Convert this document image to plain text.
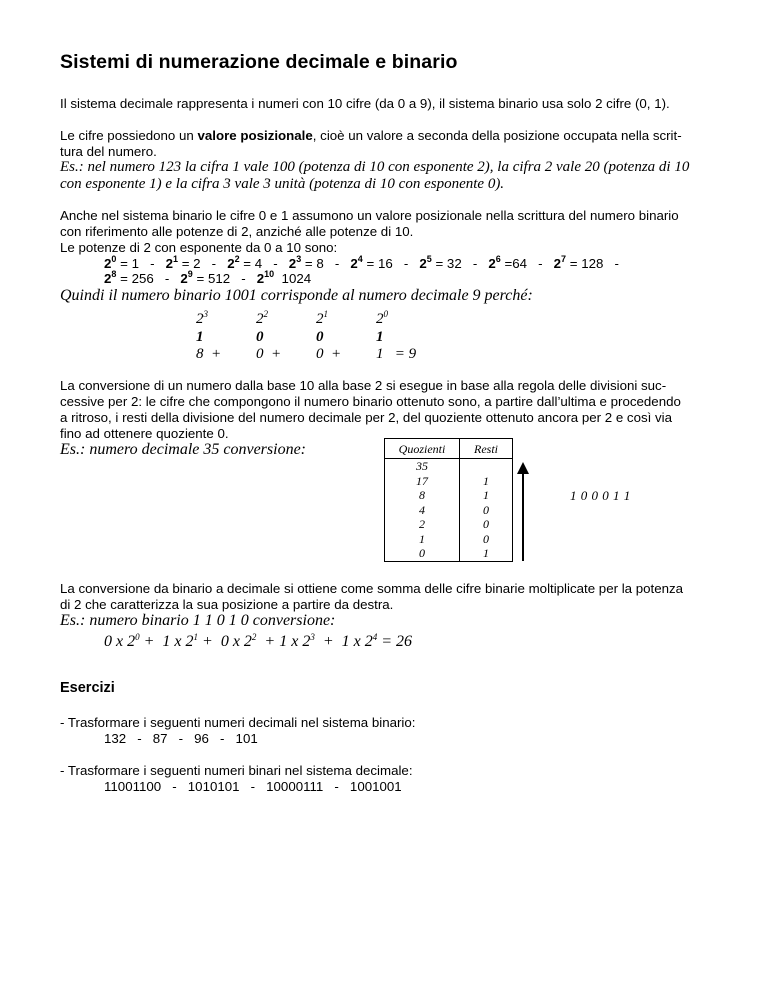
Sistemi di numerazione decimale e binario

Il sistema decimale rappresenta i numeri con 10 cifre (da 0 a 9), il sistema binario usa solo 2 cifre (0, 1).

Le cifre possiedono un valore posizionale, cioè un valore a seconda della posizione occupata nella scrit-

tura del numero.

Es.: nel numero 123 la cifra 1 vale 100 (potenza di 10 con esponente 2), la cifra 2 vale 20 (potenza di 10

con esponente 1) e la cifra 3 vale 3 unità (potenza di 10 con esponente 0).

Anche nel sistema binario le cifre 0 e 1 assumono un valore posizionale nella scrittura del numero binario

con riferimento alle potenze di 2, anziché alle potenze di 10.

Le potenze di 2 con esponente da 0 a 10 sono:

$2^0 = 1 - 2^1 = 2 - 2^2 = 4 - 2^3 = 8 - 2^4 = 16 - 2^5 = 32 - 2^6 =64 - 2^7 = 128$   -
$2^8 = 256 - 2^9 = 512 - 2^{10}$  1024

Quindi il numero binario 1001 corrisponde al numero decimale 9 perché:

$2^3$	$2^2$	$2^1$	$2^0$
1	0	0	1
8  + 0  + 0  + 1   = 9

La conversione di un numero dalla base 10 alla base 2 si esegue in base alla regola delle divisioni suc-

cessive per 2: le cifre che compongono il numero binario ottenuto sono, a partire dall’ultima e procedendo

a ritroso, i resti della divisione del numero decimale per 2, del quoziente ottenuto ancora per 2 e così via

fino ad ottenere quoziente 0.

Es.: numero decimale 35 conversione:	Quozienti	Resti
35	
17	1
8	1
4	0
2	0
1	0
0	1
1 0 0 0 1 1

La conversione da binario a decimale si ottiene come somma delle cifre binarie moltiplicate per la potenza

di 2 che caratterizza la sua posizione a partire da destra.

Es.: numero binario 1 1 0 1 0 conversione:

0 x $2^0 + 1$ x $2^1 + 0$ x $2^2 + 1$ x $2^3 + 1$ x $2^4 = 26$

Esercizi

- Trasformare i seguenti numeri decimali nel sistema binario:

132   -   87   -   96   -   101

- Trasformare i seguenti numeri binari nel sistema decimale:

11001100   -   1010101   -   10000111   -   1001001
